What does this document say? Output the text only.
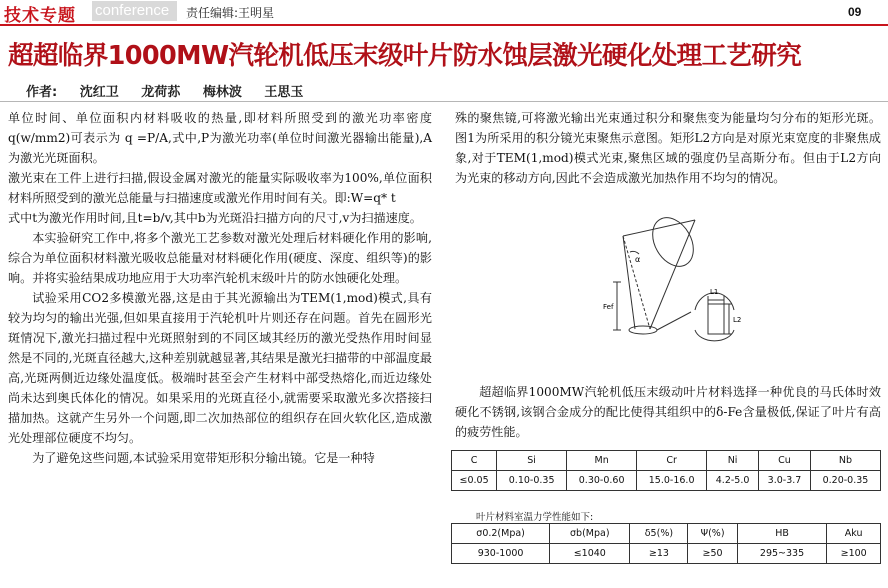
技术专题 conference	责任编辑:王明星	09
超超临界1000MW汽轮机低压末级叶片防水蚀层激光硬化处理工艺研究
作者: 沈红卫 龙荷荪 梅林波 王思玉

单位时间、单位面积内材料吸收的热量,即材料所照受到的激光功率密度q(w/mm2)可表示为 q =P/A,式中,P为激光功率(单位时间激光器输出能量),A为激光光斑面积。

激光束在工件上进行扫描,假设金属对激光的能量实际吸收率为100%,单位面积材料所照受到的激光总能量与扫描速度或激光作用时间有关。即:W=q* t

式中t为激光作用时间,且t=b/v,其中b为光斑沿扫描方向的尺寸,v为扫描速度。

本实验研究工作中,将多个激光工艺参数对激光处理后材料硬化作用的影响,综合为单位面积材料激光吸收总能量对材料硬化作用(硬度、深度、组织等)的影响。并将实验结果成功地应用于大功率汽轮机末级叶片的防水蚀硬化处理。

试验采用CO2多模激光器,这是由于其光源输出为TEM(1,mod)模式,具有较为均匀的输出光强,但如果直接用于汽轮机叶片则还存在问题。首先在圆形光斑情况下,激光扫描过程中光斑照射到的不同区域其经历的激光受热作用时间显然是不同的,光斑直径越大,这种差别就越显著,其结果是激光扫描带的中部温度最高,光斑两侧近边缘处温度低。极端时甚至会产生材料中部受热熔化,而近边缘处尚未达到奥氏体化的情况。如果采用的光斑直径小,就需要采取激光多次搭接扫描加热。这就产生另外一个问题,即二次加热部位的组织存在回火软化区,造成激光处理部位硬度不均匀。

为了避免这些问题,本试验采用宽带矩形积分输出镜。它是一种特

殊的聚焦镜,可将激光输出光束通过积分和聚焦变为能量均匀分布的矩形光斑。图1为所采用的积分镜光束聚焦示意图。矩形L2方向是对原光束宽度的非聚焦成象,对于TEM(1,mod)模式光束,聚焦区域的强度仍呈高斯分布。但由于L2方向为光束的移动方向,因此不会造成激光加热作用不均匀的情况。

α
Fef
L1
L2

超超临界1000MW汽轮机低压末级动叶片材料选择一种优良的马氏体时效硬化不锈钢,该钢合金成分的配比使得其组织中的δ-Fe含量极低,保证了叶片有高的疲劳性能。

C	Si	Mn	Cr	Ni	Cu	Nb
≤0.05	0.10-0.35	0.30-0.60	15.0-16.0	4.2-5.0	3.0-3.7	0.20-0.35
叶片材料室温力学性能如下:
σ0.2(Mpa)	σb(Mpa)	δ5(%)	Ψ(%)	HB	Aku
930-1000	≤1040	≥13	≥50	295~335	≥100
